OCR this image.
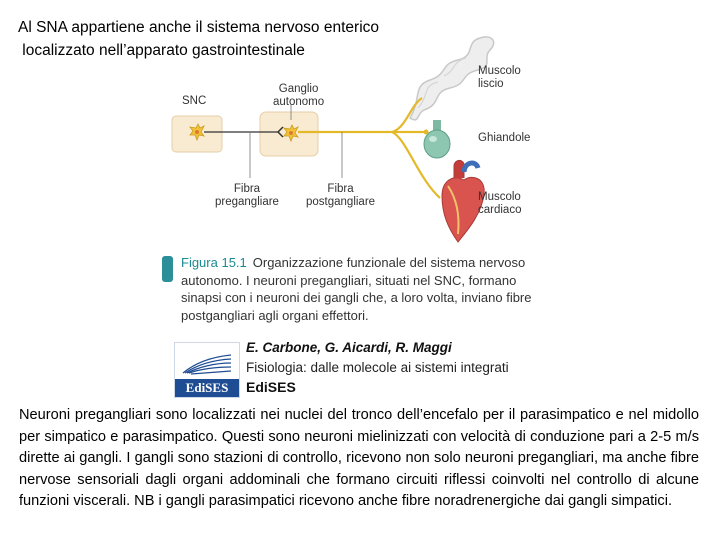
Al SNA appartiene anche il sistema nervoso enterico
localizzato nell’apparato gastrointestinale
SNC
Ganglio
autonomo
Fibra
pregangliare
Fibra
postgangliare
Muscolo
liscio
Ghiandole
Muscolo
cardiaco
Figura 15.1 Organizzazione funzionale del sistema nervoso autonomo. I neuroni pregangliari, situati nel SNC, formano sinapsi con i neuroni dei gangli che, a loro volta, inviano fibre postgangliari agli organi effettori.
EdiSES
E. Carbone, G. Aicardi, R. Maggi
Fisiologia: dalle molecole ai sistemi integrati
EdiSES
Neuroni pregangliari sono localizzati nei nuclei del tronco dell’encefalo per il parasimpatico e nel midollo per simpatico e parasimpatico. Questi sono neuroni mielinizzati con velocità di conduzione pari a 2-5 m/s dirette ai gangli. I gangli sono stazioni di controllo, ricevono non solo neuroni pregangliari, ma anche fibre nervose sensoriali dagli organi addominali che formano circuiti riflessi coinvolti nel controllo di alcune funzioni viscerali. NB i gangli parasimpatici ricevono anche fibre noradrenergiche dai gangli simpatici.
